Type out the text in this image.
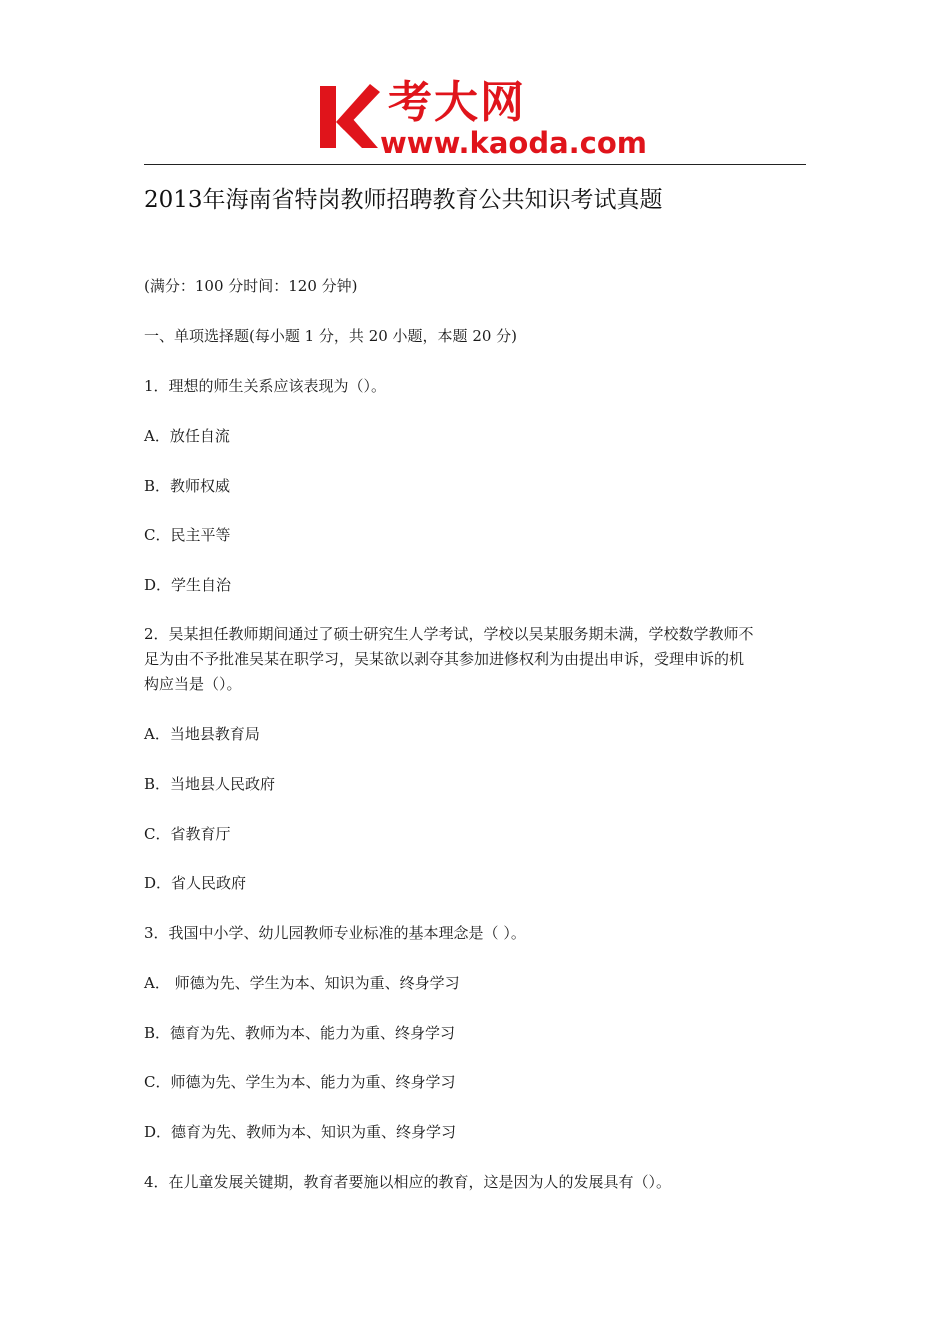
考大网
www.kaoda.com
2013年海南省特岗教师招聘教育公共知识考试真题
(满分：100 分时间：120 分钟)
一、单项选择题(每小题 1 分，共 20 小题，本题 20 分)
1．理想的师生关系应该表现为（）。
A．放任自流
B．教师权威
C．民主平等
D．学生自治
2．吴某担任教师期间通过了硕士研究生人学考试，学校以吴某服务期未满，学校数学教师不
足为由不予批准吴某在职学习，吴某欲以剥夺其参加进修权利为由提出申诉，受理申诉的机
构应当是（）。
A．当地县教育局
B．当地县人民政府
C．省教育厅
D．省人民政府
3．我国中小学、幼儿园教师专业标准的基本理念是（ ）。
A． 师德为先、学生为本、知识为重、终身学习
B．德育为先、教师为本、能力为重、终身学习
C．师德为先、学生为本、能力为重、终身学习
D．德育为先、教师为本、知识为重、终身学习
4．在儿童发展关键期，教育者要施以相应的教育，这是因为人的发展具有（）。
